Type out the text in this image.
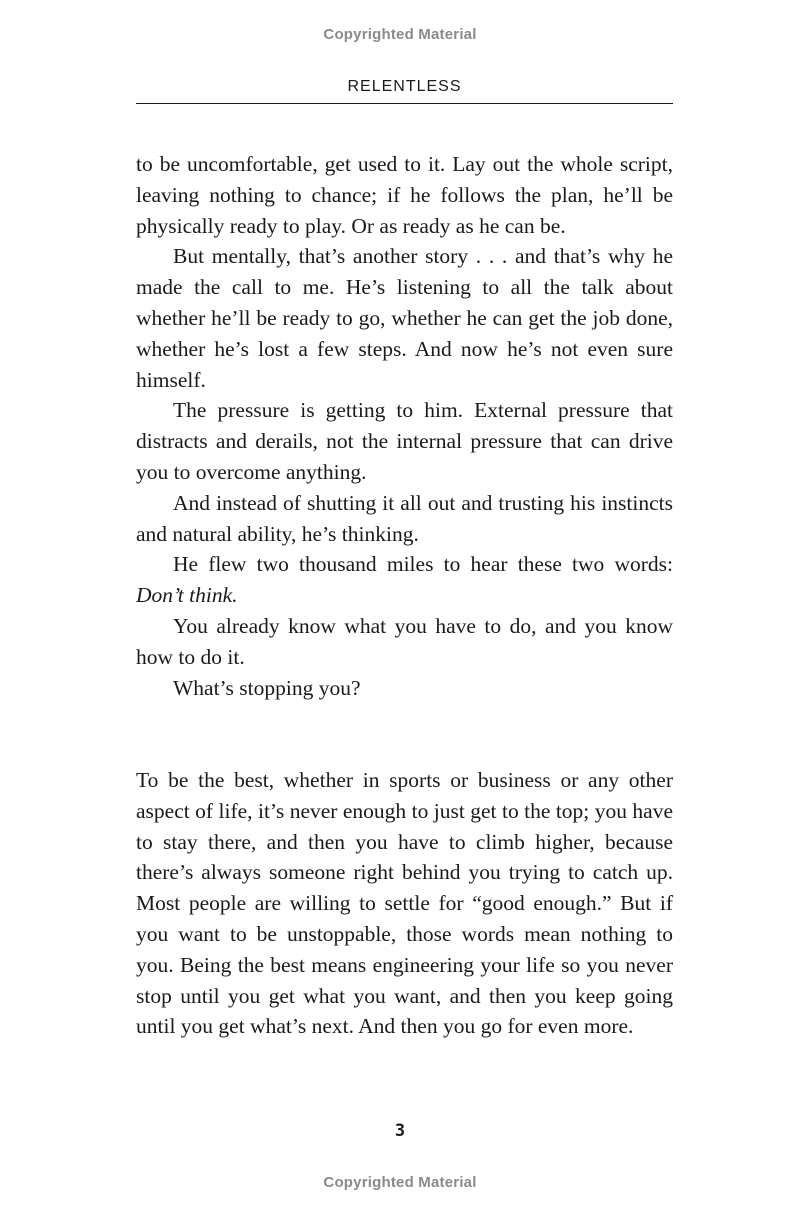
Copyrighted Material
RELENTLESS

to be uncomfortable, get used to it. Lay out the whole script, leaving nothing to chance; if he follows the plan, he’ll be physically ready to play. Or as ready as he can be.

But mentally, that’s another story . . . and that’s why he made the call to me. He’s listening to all the talk about whether he’ll be ready to go, whether he can get the job done, whether he’s lost a few steps. And now he’s not even sure himself.

The pressure is getting to him. External pressure that distracts and derails, not the internal pressure that can drive you to overcome anything.

And instead of shutting it all out and trusting his instincts and natural ability, he’s thinking.

He flew two thousand miles to hear these two words: Don’t think.

You already know what you have to do, and you know how to do it.

What’s stopping you?

To be the best, whether in sports or business or any other aspect of life, it’s never enough to just get to the top; you have to stay there, and then you have to climb higher, because there’s always someone right behind you trying to catch up. Most people are willing to settle for “good enough.” But if you want to be unstoppable, those words mean nothing to you. Being the best means engineering your life so you never stop until you get what you want, and then you keep going until you get what’s next. And then you go for even more.

3
Copyrighted Material
